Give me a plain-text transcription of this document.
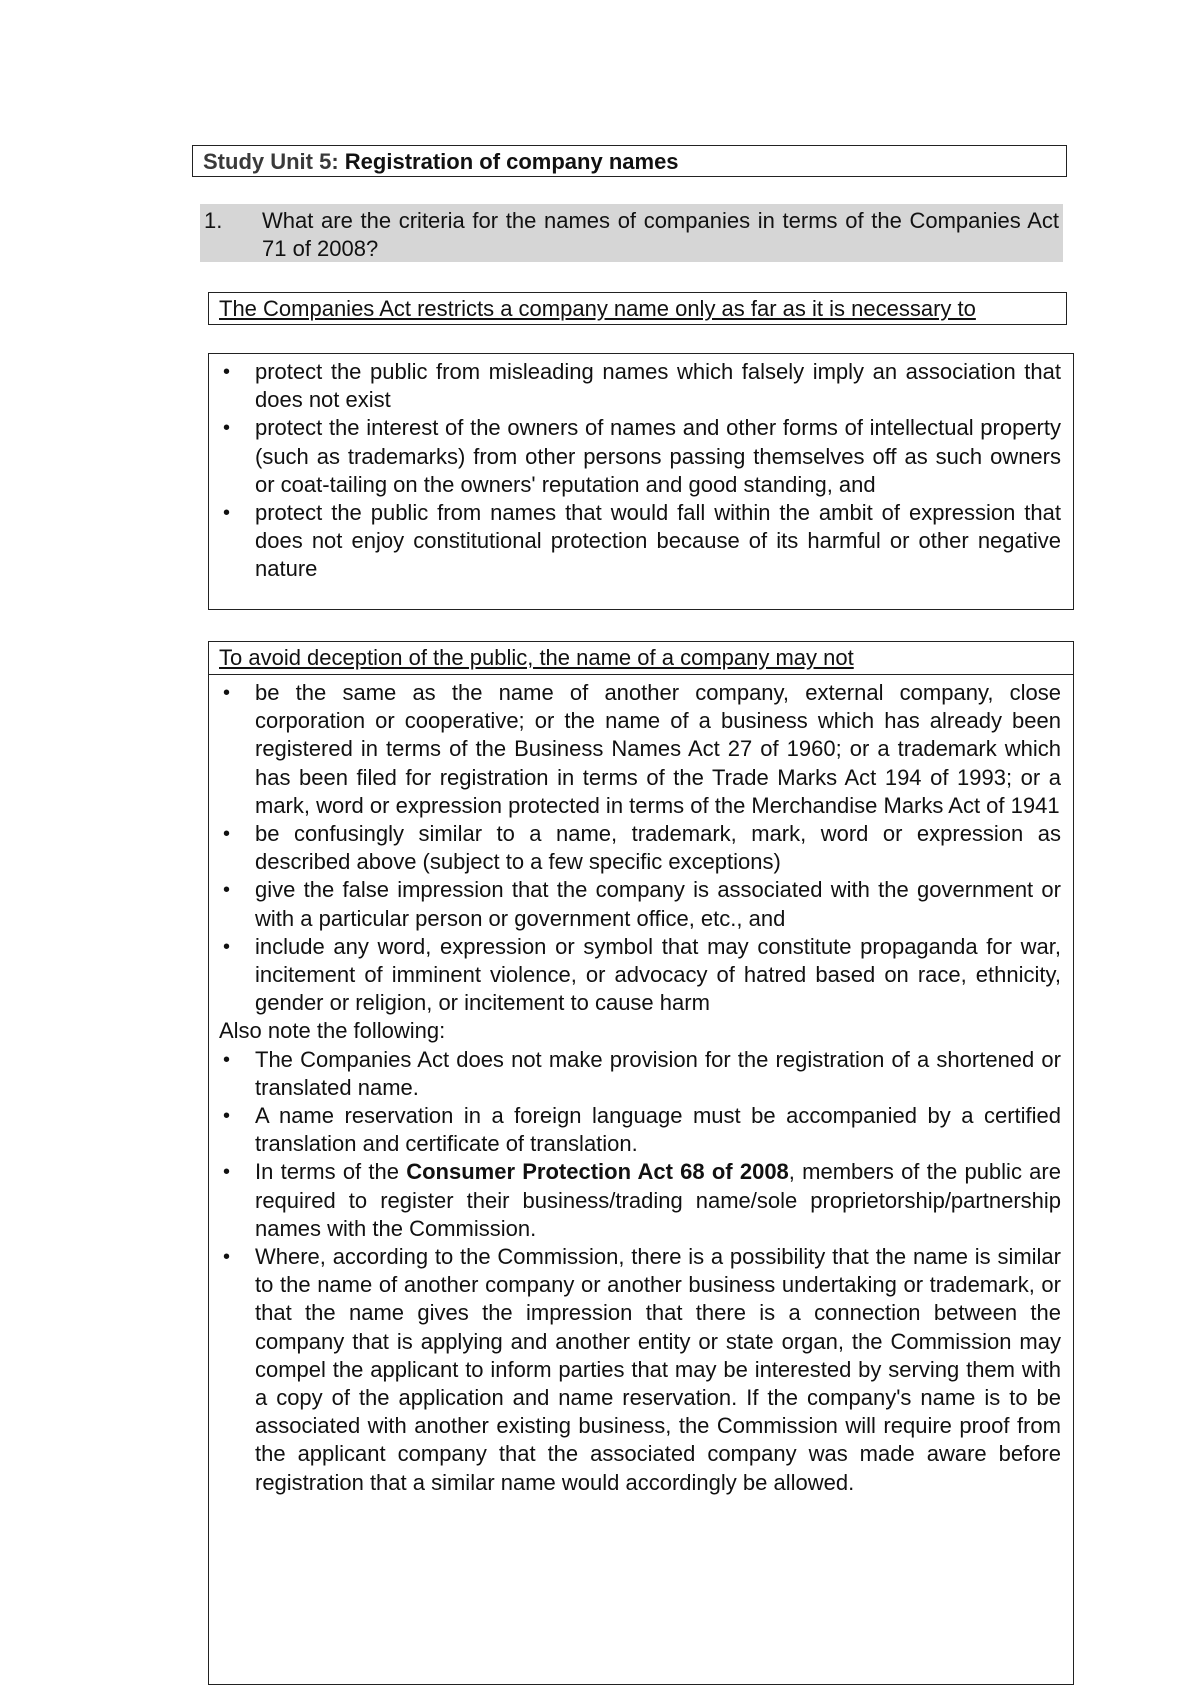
Study Unit 5: Registration of company names
1. What are the criteria for the names of companies in terms of the Companies Act 71 of 2008?
The Companies Act restricts a company name only as far as it is necessary to
• protect the public from misleading names which falsely imply an association that does not exist
• protect the interest of the owners of names and other forms of intellectual property (such as trademarks) from other persons passing themselves off as such owners or coat-tailing on the owners' reputation and good standing, and
• protect the public from names that would fall within the ambit of expression that does not enjoy constitutional protection because of its harmful or other negative nature
To avoid deception of the public, the name of a company may not
• be the same as the name of another company, external company, close corporation or cooperative; or the name of a business which has already been registered in terms of the Business Names Act 27 of 1960; or a trademark which has been filed for registration in terms of the Trade Marks Act 194 of 1993; or a mark, word or expression protected in terms of the Merchandise Marks Act of 1941
• be confusingly similar to a name, trademark, mark, word or expression as described above (subject to a few specific exceptions)
• give the false impression that the company is associated with the government or with a particular person or government office, etc., and
• include any word, expression or symbol that may constitute propaganda for war, incitement of imminent violence, or advocacy of hatred based on race, ethnicity, gender or religion, or incitement to cause harm

Also note the following:

• The Companies Act does not make provision for the registration of a shortened or translated name.
• A name reservation in a foreign language must be accompanied by a certified translation and certificate of translation.
• In terms of the Consumer Protection Act 68 of 2008, members of the public are required to register their business/trading name/sole proprietorship/partnership names with the Commission.
• Where, according to the Commission, there is a possibility that the name is similar to the name of another company or another business undertaking or trademark, or that the name gives the impression that there is a connection between the company that is applying and another entity or state organ, the Commission may compel the applicant to inform parties that may be interested by serving them with a copy of the application and name reservation. If the company's name is to be associated with another existing business, the Commission will require proof from the applicant company that the associated company was made aware before registration that a similar name would accordingly be allowed.
